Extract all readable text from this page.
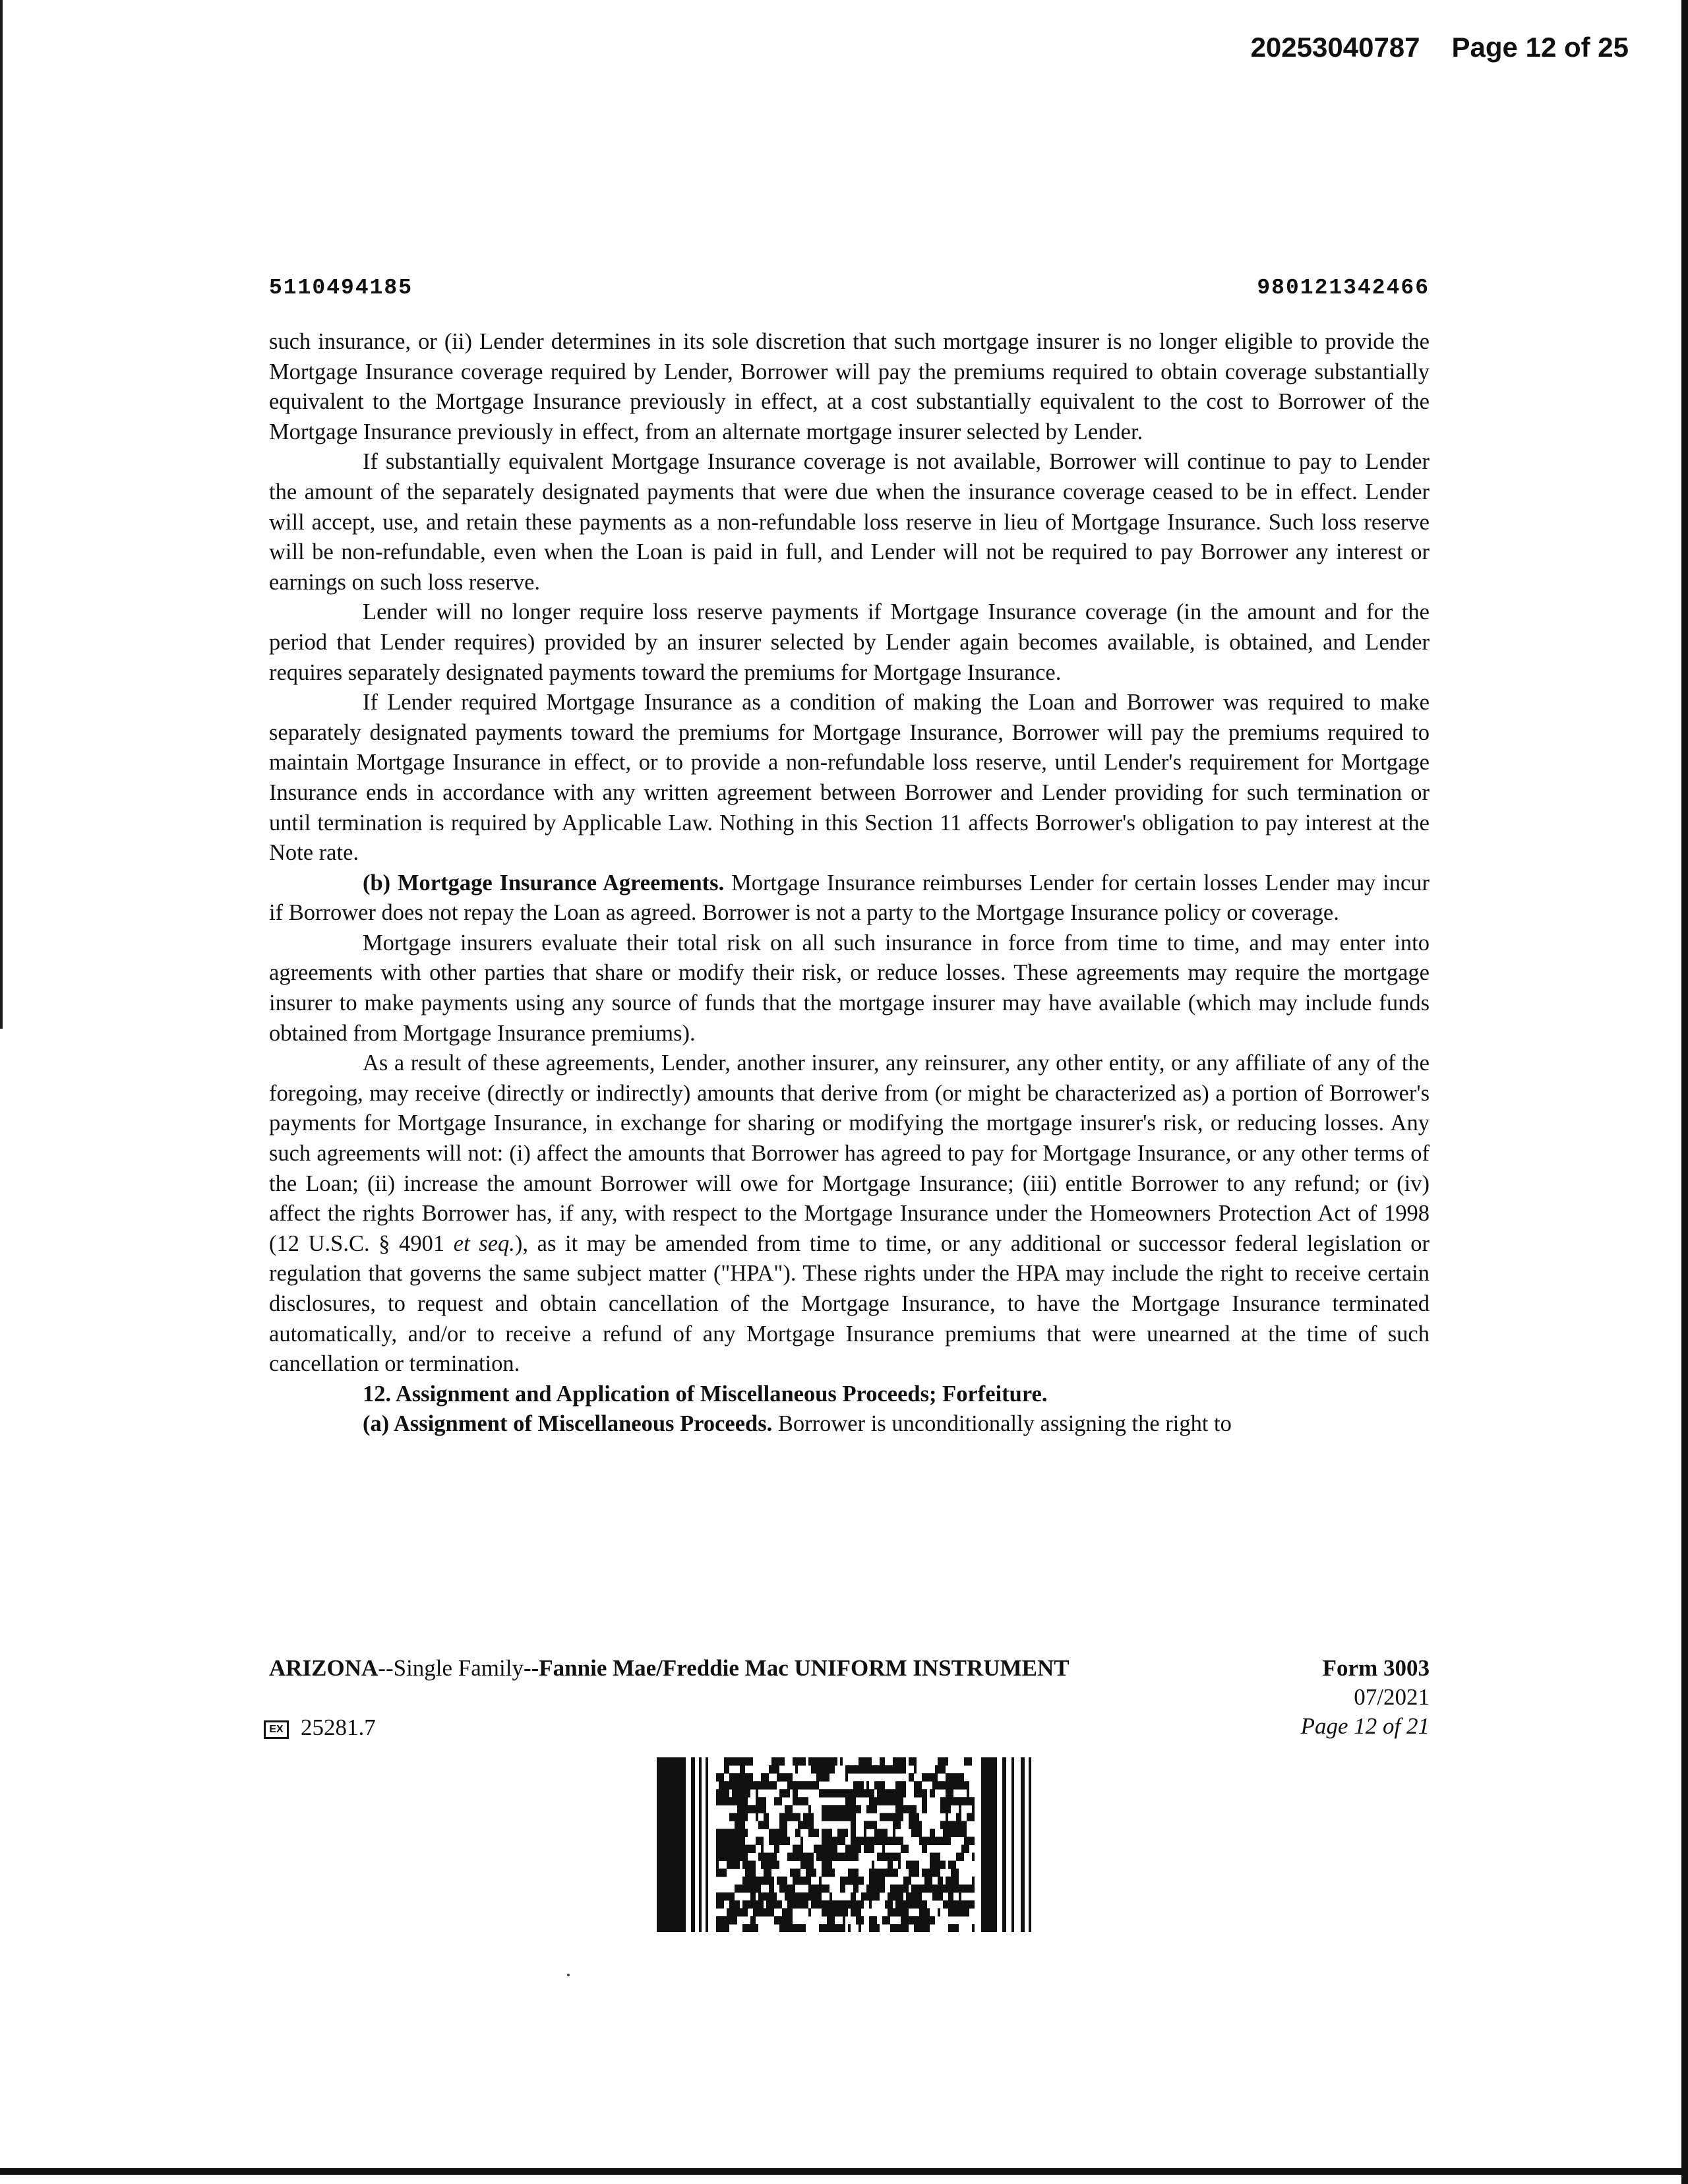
20253040787 Page 12 of 25
5110494185	980121342466

such insurance, or (ii) Lender determines in its sole discretion that such mortgage insurer is no longer eligible to provide the Mortgage Insurance coverage required by Lender, Borrower will pay the premiums required to obtain coverage substantially equivalent to the Mortgage Insurance previously in effect, at a cost substantially equivalent to the cost to Borrower of the Mortgage Insurance previously in effect, from an alternate mortgage insurer selected by Lender.

If substantially equivalent Mortgage Insurance coverage is not available, Borrower will continue to pay to Lender the amount of the separately designated payments that were due when the insurance coverage ceased to be in effect. Lender will accept, use, and retain these payments as a non-refundable loss reserve in lieu of Mortgage Insurance. Such loss reserve will be non-refundable, even when the Loan is paid in full, and Lender will not be required to pay Borrower any interest or earnings on such loss reserve.

Lender will no longer require loss reserve payments if Mortgage Insurance coverage (in the amount and for the period that Lender requires) provided by an insurer selected by Lender again becomes available, is obtained, and Lender requires separately designated payments toward the premiums for Mortgage Insurance.

If Lender required Mortgage Insurance as a condition of making the Loan and Borrower was required to make separately designated payments toward the premiums for Mortgage Insurance, Borrower will pay the premiums required to maintain Mortgage Insurance in effect, or to provide a non-refundable loss reserve, until Lender's requirement for Mortgage Insurance ends in accordance with any written agreement between Borrower and Lender providing for such termination or until termination is required by Applicable Law. Nothing in this Section 11 affects Borrower's obligation to pay interest at the Note rate.

(b) Mortgage Insurance Agreements. Mortgage Insurance reimburses Lender for certain losses Lender may incur if Borrower does not repay the Loan as agreed. Borrower is not a party to the Mortgage Insurance policy or coverage.

Mortgage insurers evaluate their total risk on all such insurance in force from time to time, and may enter into agreements with other parties that share or modify their risk, or reduce losses. These agreements may require the mortgage insurer to make payments using any source of funds that the mortgage insurer may have available (which may include funds obtained from Mortgage Insurance premiums).

As a result of these agreements, Lender, another insurer, any reinsurer, any other entity, or any affiliate of any of the foregoing, may receive (directly or indirectly) amounts that derive from (or might be characterized as) a portion of Borrower's payments for Mortgage Insurance, in exchange for sharing or modifying the mortgage insurer's risk, or reducing losses. Any such agreements will not: (i) affect the amounts that Borrower has agreed to pay for Mortgage Insurance, or any other terms of the Loan; (ii) increase the amount Borrower will owe for Mortgage Insurance; (iii) entitle Borrower to any refund; or (iv) affect the rights Borrower has, if any, with respect to the Mortgage Insurance under the Homeowners Protection Act of 1998 (12 U.S.C. § 4901 et seq.), as it may be amended from time to time, or any additional or successor federal legislation or regulation that governs the same subject matter ("HPA"). These rights under the HPA may include the right to receive certain disclosures, to request and obtain cancellation of the Mortgage Insurance, to have the Mortgage Insurance terminated automatically, and/or to receive a refund of any Mortgage Insurance premiums that were unearned at the time of such cancellation or termination.

12. Assignment and Application of Miscellaneous Proceeds; Forfeiture.

(a) Assignment of Miscellaneous Proceeds. Borrower is unconditionally assigning the right to

ARIZONA--Single Family--Fannie Mae/Freddie Mac UNIFORM INSTRUMENT	Form 3003
07/2021
Page 12 of 21
EX 25281.7
